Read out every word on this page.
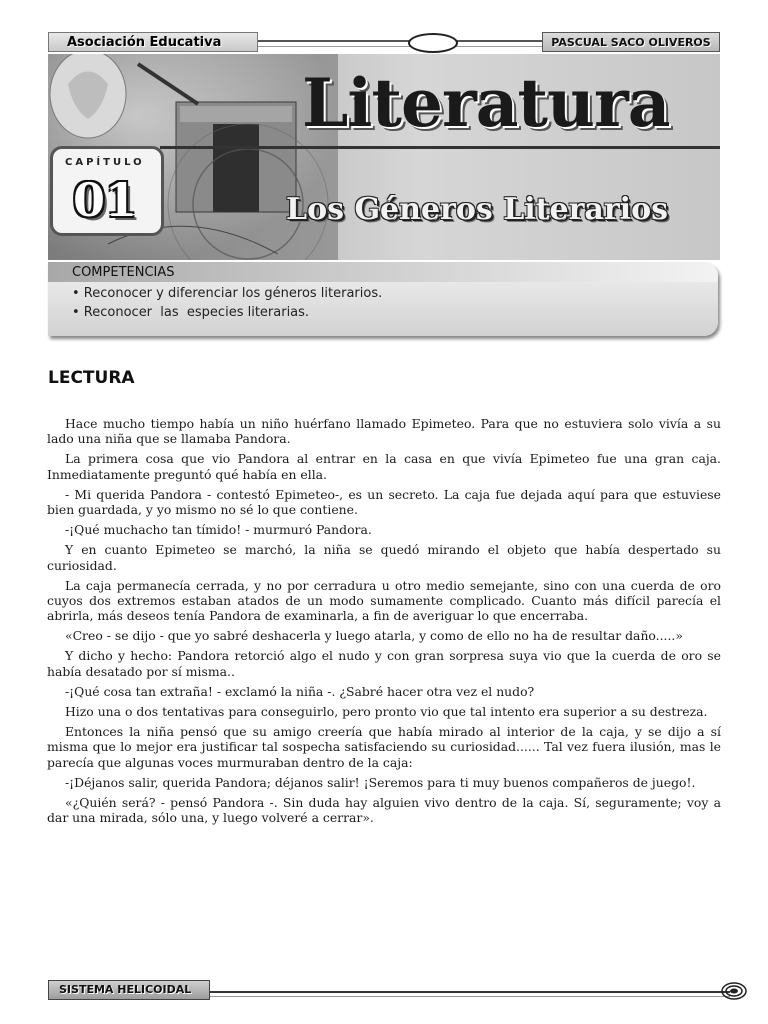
Asociación Educativa	PASCUAL SACO OLIVEROS
Literatura
Los Géneros Literarios
CAPÍTULO
01
COMPETENCIAS
• Reconocer y diferenciar los géneros literarios.
• Reconocer  las  especies literarias.
LECTURA

Hace mucho tiempo había un niño huérfano llamado Epimeteo. Para que no estuviera solo vivía a su lado una niña que se llamaba Pandora.

La primera cosa que vio Pandora al entrar en la casa en que vivía Epimeteo fue una gran caja. Inmediatamente preguntó qué había en ella.

- Mi querida Pandora - contestó Epimeteo-, es un secreto. La caja fue dejada aquí para que estuviese bien guardada, y yo mismo no sé lo que contiene.

-¡Qué muchacho tan tímido! - murmuró Pandora.

Y en cuanto Epimeteo se marchó, la niña se quedó mirando el objeto que había despertado su curiosidad.

La caja permanecía cerrada, y no por cerradura u otro medio semejante, sino con una cuerda de oro cuyos dos extremos estaban atados de un modo sumamente complicado. Cuanto más difícil parecía el abrirla, más deseos tenía Pandora de examinarla, a fin de averiguar lo que encerraba.

«Creo - se dijo - que yo sabré deshacerla y luego atarla, y como de ello no ha de resultar daño.....»

Y dicho y hecho: Pandora retorció algo el nudo y con gran sorpresa suya vio que la cuerda de oro se había desatado por sí misma..

-¡Qué cosa tan extraña! - exclamó la niña -. ¿Sabré hacer otra vez el nudo?

Hizo una o dos tentativas para conseguirlo, pero pronto vio que tal intento era superior a su destreza.

Entonces la niña pensó que su amigo creería que había mirado al interior de la caja, y se dijo a sí misma que lo mejor era justificar tal sospecha satisfaciendo su curiosidad...... Tal vez fuera ilusión, mas le parecía que algunas voces murmuraban dentro de la caja:

-¡Déjanos salir, querida Pandora; déjanos salir! ¡Seremos para ti muy buenos compañeros de juego!.

«¿Quién será? - pensó Pandora -. Sin duda hay alguien vivo dentro de la caja. Sí, seguramente; voy a dar una mirada, sólo una, y luego volveré a cerrar».

SISTEMA HELICOIDAL
